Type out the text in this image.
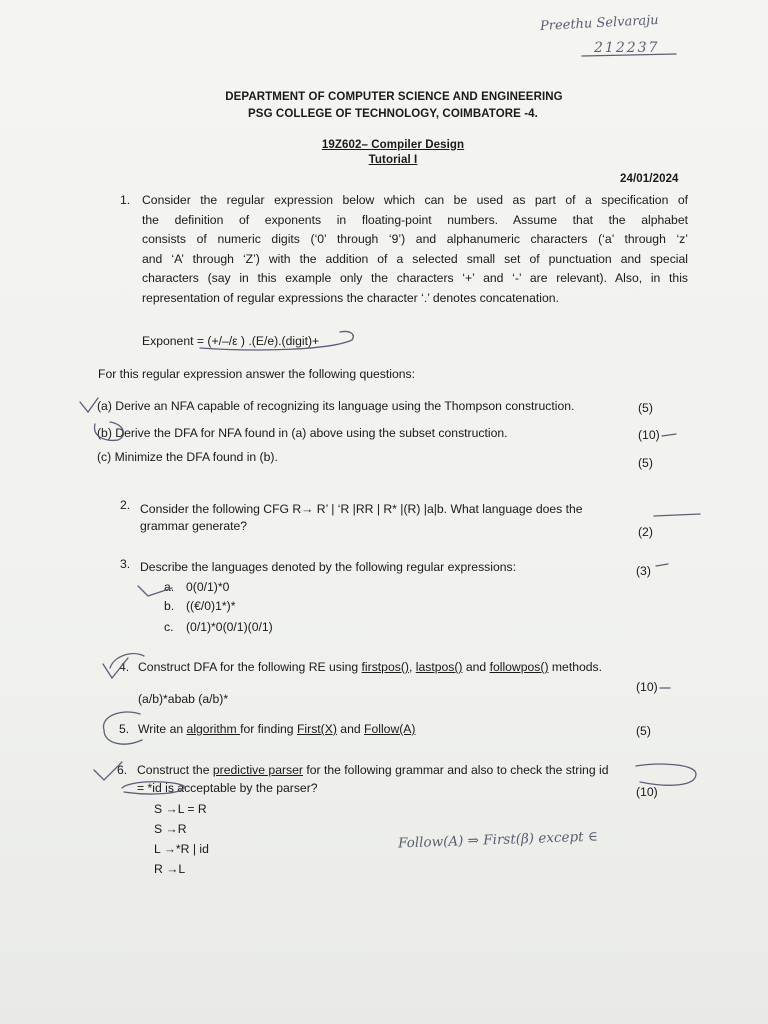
Preethu Selvaraju
212237
DEPARTMENT OF COMPUTER SCIENCE AND ENGINEERING
PSG COLLEGE OF TECHNOLOGY, COIMBATORE -4.
19Z602– Compiler Design
Tutorial I
24/01/2024
1. Consider the regular expression below which can be used as part of a specification of
the definition of exponents in floating-point numbers. Assume that the alphabet
consists of numeric digits (‘0’ through ‘9’) and alphanumeric characters (‘a’ through ‘z’
and ‘A’ through ‘Z’) with the addition of a selected small set of punctuation and special
characters (say in this example only the characters ‘+’ and ‘-’ are relevant). Also, in this
representation of regular expressions the character ‘.’ denotes concatenation.
Exponent = (+/–/ε ) .(E/e).(digit)+
For this regular expression answer the following questions:
(a) Derive an NFA capable of recognizing its language using the Thompson construction.	(5)
(b) Derive the DFA for NFA found in (a) above using the subset construction.	(10)
(c) Minimize the DFA found in (b).	(5)
2. Consider the following CFG R→ R’ | ‘R |RR | R* |(R) |a|b. What language does the
grammar generate?	(2)
3. Describe the languages denoted by the following regular expressions:	(3)
a. 0(0/1)*0
b. ((€/0)1*)*
c. (0/1)*0(0/1)(0/1)
4. Construct DFA for the following RE using firstpos(), lastpos() and followpos() methods.
(10)
(a/b)*abab (a/b)*
5. Write an algorithm for finding First(X) and Follow(A)	(5)
6. Construct the predictive parser for the following grammar and also to check the string id
= *id is acceptable by the parser?	(10)
S →L = R
S →R
L →*R | id
R →L
Follow(A) ⇒ First(β) except ∈
